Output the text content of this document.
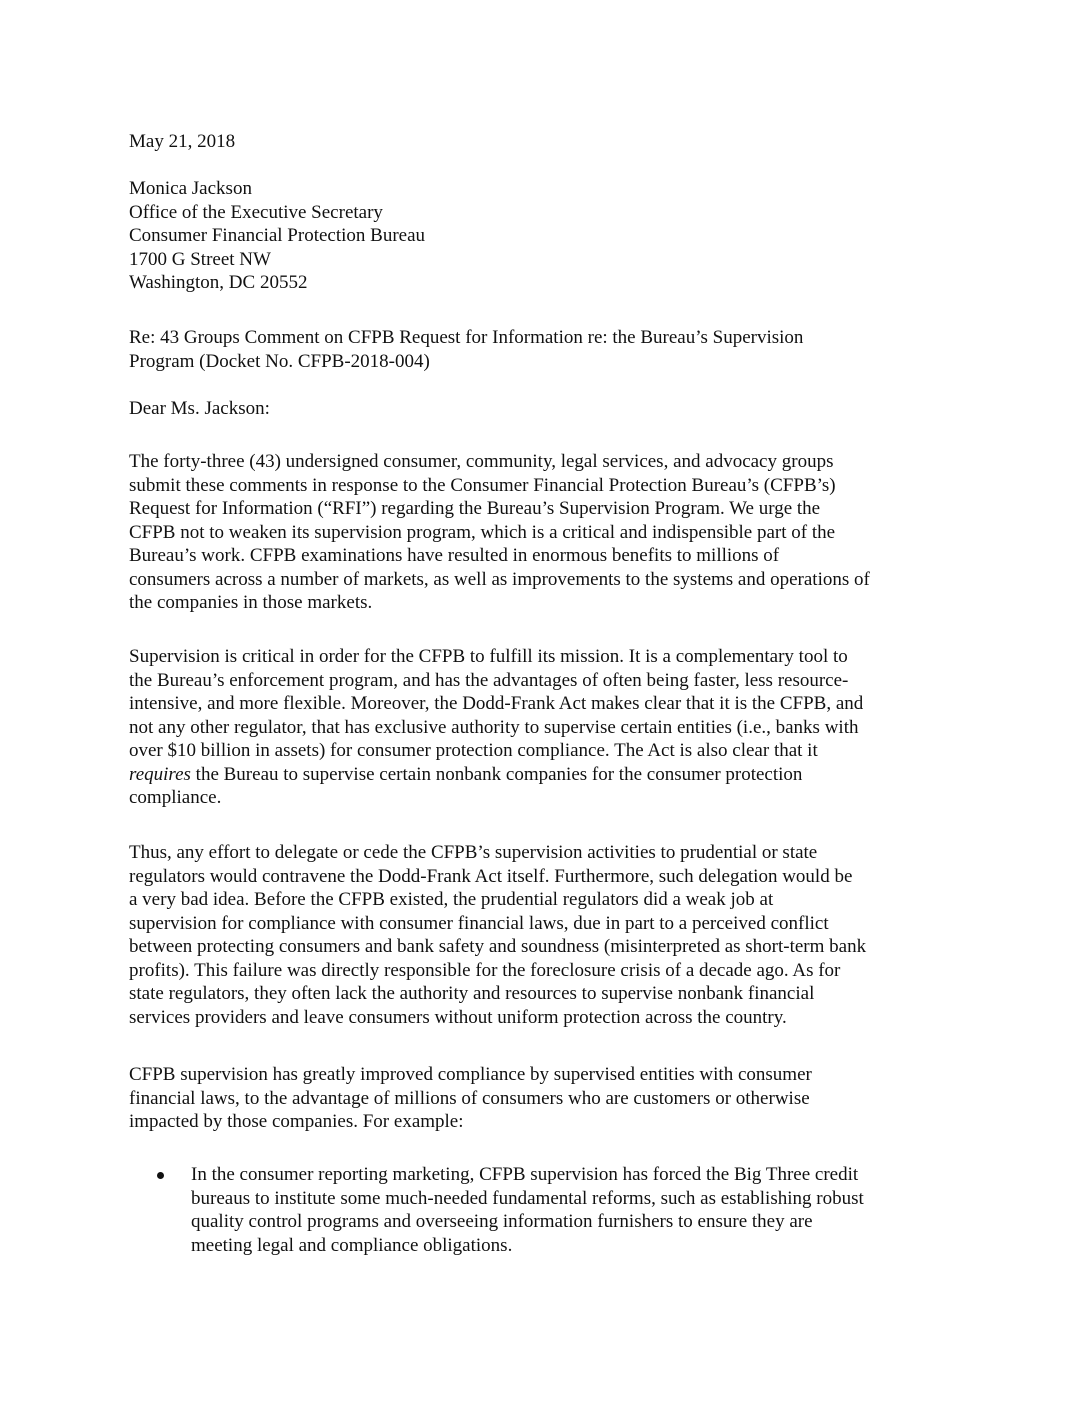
May 21, 2018

Monica Jackson
Office of the Executive Secretary
Consumer Financial Protection Bureau
1700 G Street NW
Washington, DC 20552

Re: 43 Groups Comment on CFPB Request for Information re: the Bureau’s Supervision
Program (Docket No. CFPB-2018-004)

Dear Ms. Jackson:

The forty-three (43) undersigned consumer, community, legal services, and advocacy groups
submit these comments in response to the Consumer Financial Protection Bureau’s (CFPB’s)
Request for Information (“RFI”) regarding the Bureau’s Supervision Program. We urge the
CFPB not to weaken its supervision program, which is a critical and indispensible part of the
Bureau’s work. CFPB examinations have resulted in enormous benefits to millions of
consumers across a number of markets, as well as improvements to the systems and operations of
the companies in those markets.

Supervision is critical in order for the CFPB to fulfill its mission. It is a complementary tool to
the Bureau’s enforcement program, and has the advantages of often being faster, less resource-
intensive, and more flexible. Moreover, the Dodd-Frank Act makes clear that it is the CFPB, and
not any other regulator, that has exclusive authority to supervise certain entities (i.e., banks with
over $10 billion in assets) for consumer protection compliance. The Act is also clear that it
requires the Bureau to supervise certain nonbank companies for the consumer protection
compliance.

Thus, any effort to delegate or cede the CFPB’s supervision activities to prudential or state
regulators would contravene the Dodd-Frank Act itself. Furthermore, such delegation would be
a very bad idea. Before the CFPB existed, the prudential regulators did a weak job at
supervision for compliance with consumer financial laws, due in part to a perceived conflict
between protecting consumers and bank safety and soundness (misinterpreted as short-term bank
profits). This failure was directly responsible for the foreclosure crisis of a decade ago. As for
state regulators, they often lack the authority and resources to supervise nonbank financial
services providers and leave consumers without uniform protection across the country.

CFPB supervision has greatly improved compliance by supervised entities with consumer
financial laws, to the advantage of millions of consumers who are customers or otherwise
impacted by those companies. For example:

In the consumer reporting marketing, CFPB supervision has forced the Big Three credit
bureaus to institute some much-needed fundamental reforms, such as establishing robust
quality control programs and overseeing information furnishers to ensure they are
meeting legal and compliance obligations.
